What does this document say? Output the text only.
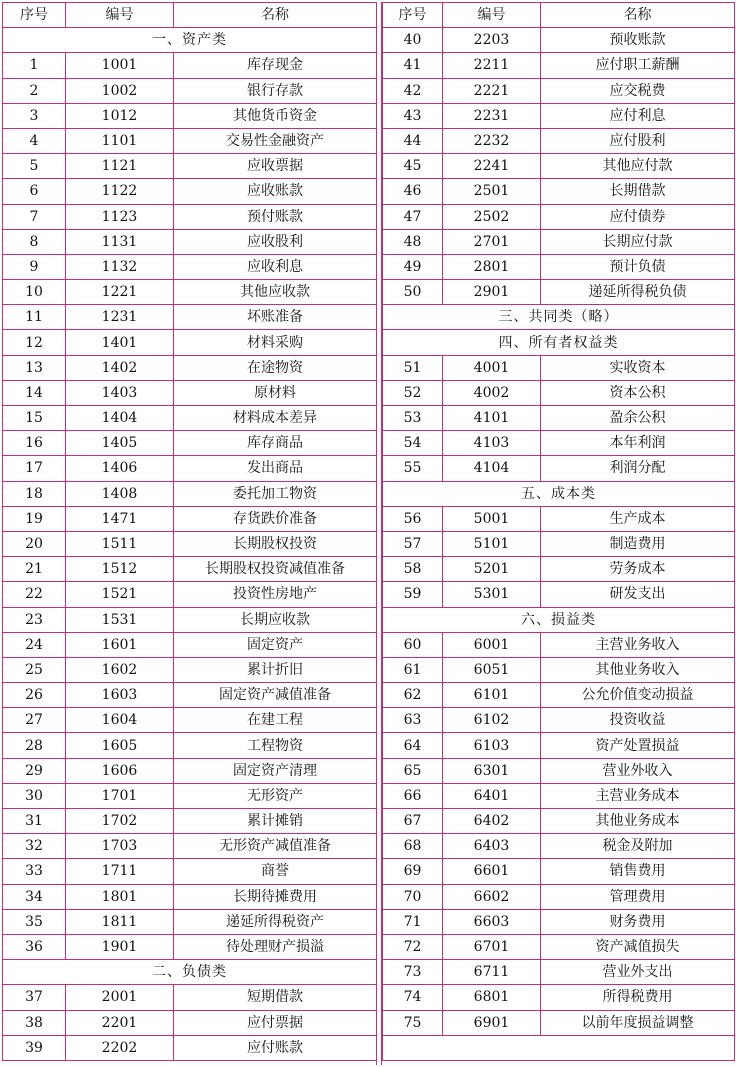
序号	编号	名称
一、资产类		
1	1001	库存现金
2	1002	银行存款
3	1012	其他货币资金
4	1101	交易性金融资产
5	1121	应收票据
6	1122	应收账款
7	1123	预付账款
8	1131	应收股利
9	1132	应收利息
10	1221	其他应收款
11	1231	坏账准备
12	1401	材料采购
13	1402	在途物资
14	1403	原材料
15	1404	材料成本差异
16	1405	库存商品
17	1406	发出商品
18	1408	委托加工物资
19	1471	存货跌价准备
20	1511	长期股权投资
21	1512	长期股权投资减值准备
22	1521	投资性房地产
23	1531	长期应收款
24	1601	固定资产
25	1602	累计折旧
26	1603	固定资产减值准备
27	1604	在建工程
28	1605	工程物资
29	1606	固定资产清理
30	1701	无形资产
31	1702	累计摊销
32	1703	无形资产减值准备
33	1711	商誉
34	1801	长期待摊费用
35	1811	递延所得税资产
36	1901	待处理财产损溢
二、负债类		
37	2001	短期借款
38	2201	应付票据
39	2202	应付账款
序号	编号	名称
40	2203	预收账款
41	2211	应付职工薪酬
42	2221	应交税费
43	2231	应付利息
44	2232	应付股利
45	2241	其他应付款
46	2501	长期借款
47	2502	应付债券
48	2701	长期应付款
49	2801	预计负债
50	2901	递延所得税负债
三、共同类（略）		
四、所有者权益类		
51	4001	实收资本
52	4002	资本公积
53	4101	盈余公积
54	4103	本年利润
55	4104	利润分配
五、成本类		
56	5001	生产成本
57	5101	制造费用
58	5201	劳务成本
59	5301	研发支出
六、损益类		
60	6001	主营业务收入
61	6051	其他业务收入
62	6101	公允价值变动损益
63	6102	投资收益
64	6103	资产处置损益
65	6301	营业外收入
66	6401	主营业务成本
67	6402	其他业务成本
68	6403	税金及附加
69	6601	销售费用
70	6602	管理费用
71	6603	财务费用
72	6701	资产减值损失
73	6711	营业外支出
74	6801	所得税费用
75	6901	以前年度损益调整
